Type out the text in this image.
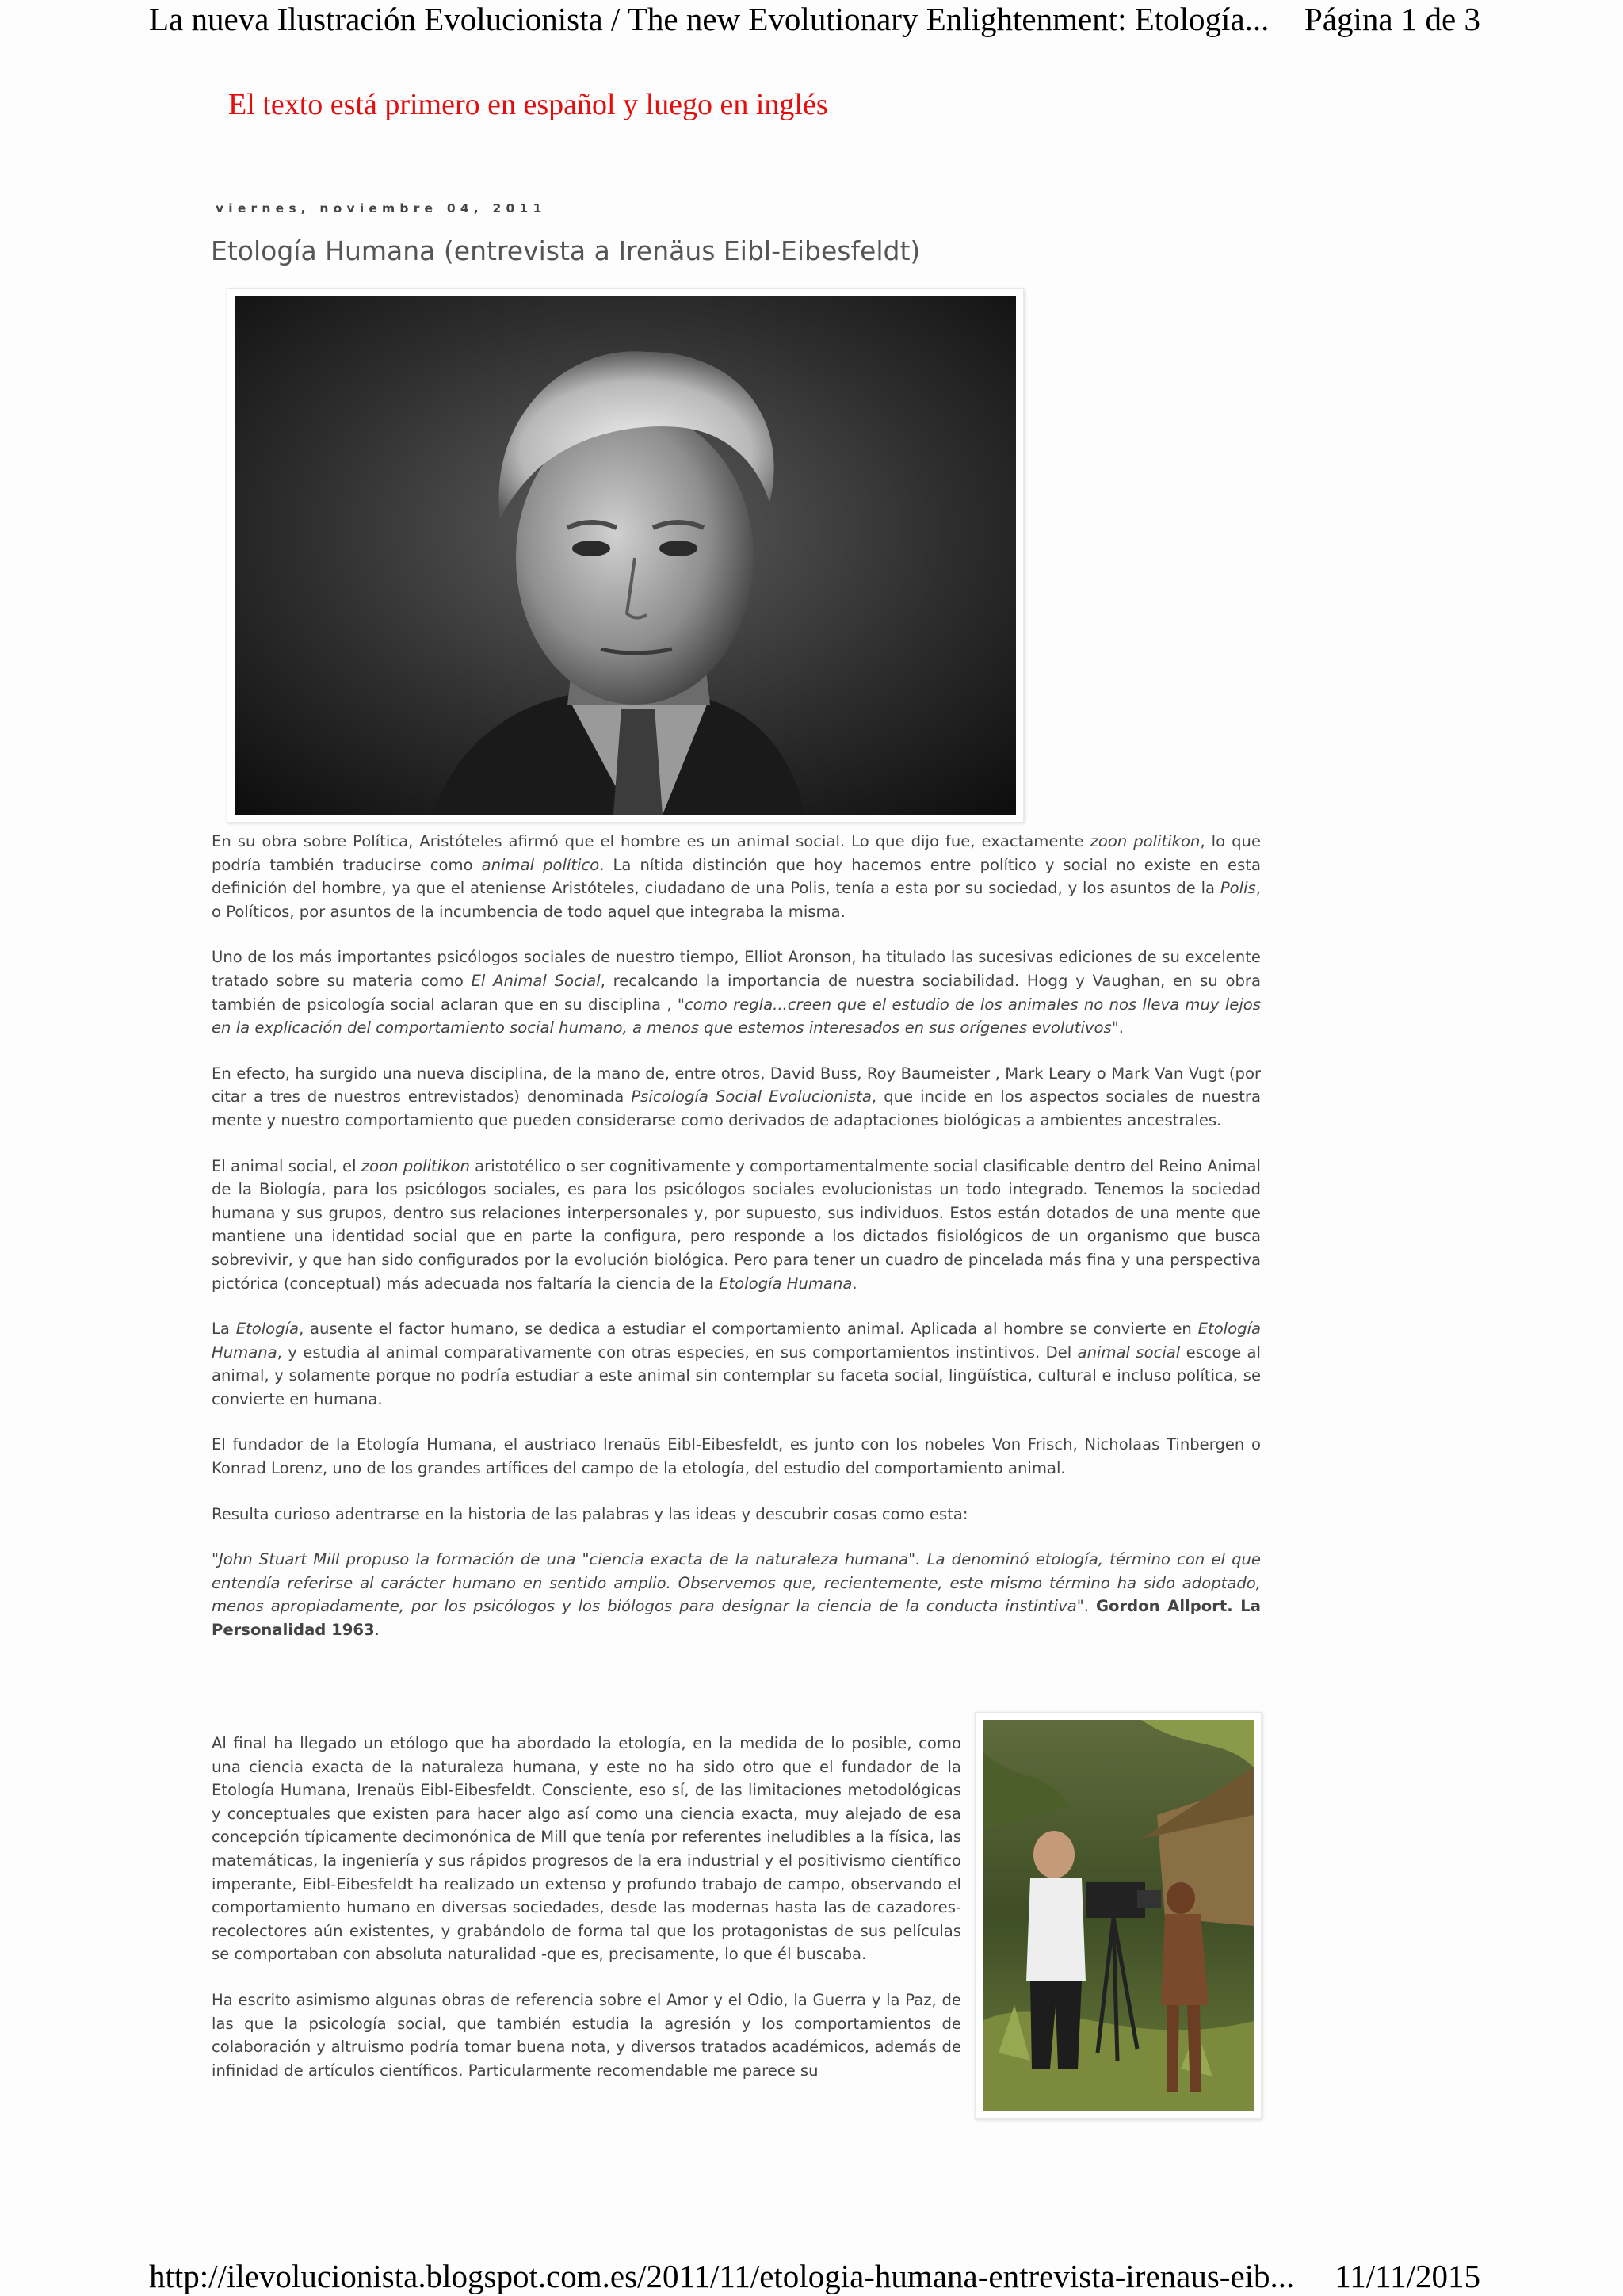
La nueva Ilustración Evolucionista / The new Evolutionary Enlightenment: Etología... Página 1 de 3
El texto está primero en español y luego en inglés
viernes, noviembre 04, 2011
Etología Humana (entrevista a Irenäus Eibl-Eibesfeldt)

En su obra sobre Política, Aristóteles afirmó que el hombre es un animal social. Lo que dijo fue, exactamente zoon politikon, lo que podría también traducirse como animal político. La nítida distinción que hoy hacemos entre político y social no existe en esta definición del hombre, ya que el ateniense Aristóteles, ciudadano de una Polis, tenía a esta por su sociedad, y los asuntos de la Polis, o Políticos, por asuntos de la incumbencia de todo aquel que integraba la misma.

Uno de los más importantes psicólogos sociales de nuestro tiempo, Elliot Aronson, ha titulado las sucesivas ediciones de su excelente tratado sobre su materia como El Animal Social, recalcando la importancia de nuestra sociabilidad. Hogg y Vaughan, en su obra también de psicología social aclaran que en su disciplina , "como regla...creen que el estudio de los animales no nos lleva muy lejos en la explicación del comportamiento social humano, a menos que estemos interesados en sus orígenes evolutivos".

En efecto, ha surgido una nueva disciplina, de la mano de, entre otros, David Buss, Roy Baumeister , Mark Leary o Mark Van Vugt (por citar a tres de nuestros entrevistados) denominada Psicología Social Evolucionista, que incide en los aspectos sociales de nuestra mente y nuestro comportamiento que pueden considerarse como derivados de adaptaciones biológicas a ambientes ancestrales.

El animal social, el zoon politikon aristotélico o ser cognitivamente y comportamentalmente social clasificable dentro del Reino Animal de la Biología, para los psicólogos sociales, es para los psicólogos sociales evolucionistas un todo integrado. Tenemos la sociedad humana y sus grupos, dentro sus relaciones interpersonales y, por supuesto, sus individuos. Estos están dotados de una mente que mantiene una identidad social que en parte la configura, pero responde a los dictados fisiológicos de un organismo que busca sobrevivir, y que han sido configurados por la evolución biológica. Pero para tener un cuadro de pincelada más fina y una perspectiva pictórica (conceptual) más adecuada nos faltaría la ciencia de la Etología Humana.

La Etología, ausente el factor humano, se dedica a estudiar el comportamiento animal. Aplicada al hombre se convierte en Etología Humana, y estudia al animal comparativamente con otras especies, en sus comportamientos instintivos. Del animal social escoge al animal, y solamente porque no podría estudiar a este animal sin contemplar su faceta social, lingüística, cultural e incluso política, se convierte en humana.

El fundador de la Etología Humana, el austriaco Irenaüs Eibl-Eibesfeldt, es junto con los nobeles Von Frisch, Nicholaas Tinbergen o Konrad Lorenz, uno de los grandes artífices del campo de la etología, del estudio del comportamiento animal.

Resulta curioso adentrarse en la historia de las palabras y las ideas y descubrir cosas como esta:

"John Stuart Mill propuso la formación de una "ciencia exacta de la naturaleza humana". La denominó etología, término con el que entendía referirse al carácter humano en sentido amplio. Observemos que, recientemente, este mismo término ha sido adoptado, menos apropiadamente, por los psicólogos y los biólogos para designar la ciencia de la conducta instintiva". Gordon Allport. La Personalidad 1963.

Al final ha llegado un etólogo que ha abordado la etología, en la medida de lo posible, como una ciencia exacta de la naturaleza humana, y este no ha sido otro que el fundador de la Etología Humana, Irenaüs Eibl-Eibesfeldt. Consciente, eso sí, de las limitaciones metodológicas y conceptuales que existen para hacer algo así como una ciencia exacta, muy alejado de esa concepción típicamente decimonónica de Mill que tenía por referentes ineludibles a la física, las matemáticas, la ingeniería y sus rápidos progresos de la era industrial y el positivismo científico imperante, Eibl-Eibesfeldt ha realizado un extenso y profundo trabajo de campo, observando el comportamiento humano en diversas sociedades, desde las modernas hasta las de cazadores-recolectores aún existentes, y grabándolo de forma tal que los protagonistas de sus películas se comportaban con absoluta naturalidad -que es, precisamente, lo que él buscaba.

Ha escrito asimismo algunas obras de referencia sobre el Amor y el Odio, la Guerra y la Paz, de las que la psicología social, que también estudia la agresión y los comportamientos de colaboración y altruismo podría tomar buena nota, y diversos tratados académicos, además de infinidad de artículos científicos. Particularmente recomendable me parece su

http://ilevolucionista.blogspot.com.es/2011/11/etologia-humana-entrevista-irenaus-eib... 11/11/2015
